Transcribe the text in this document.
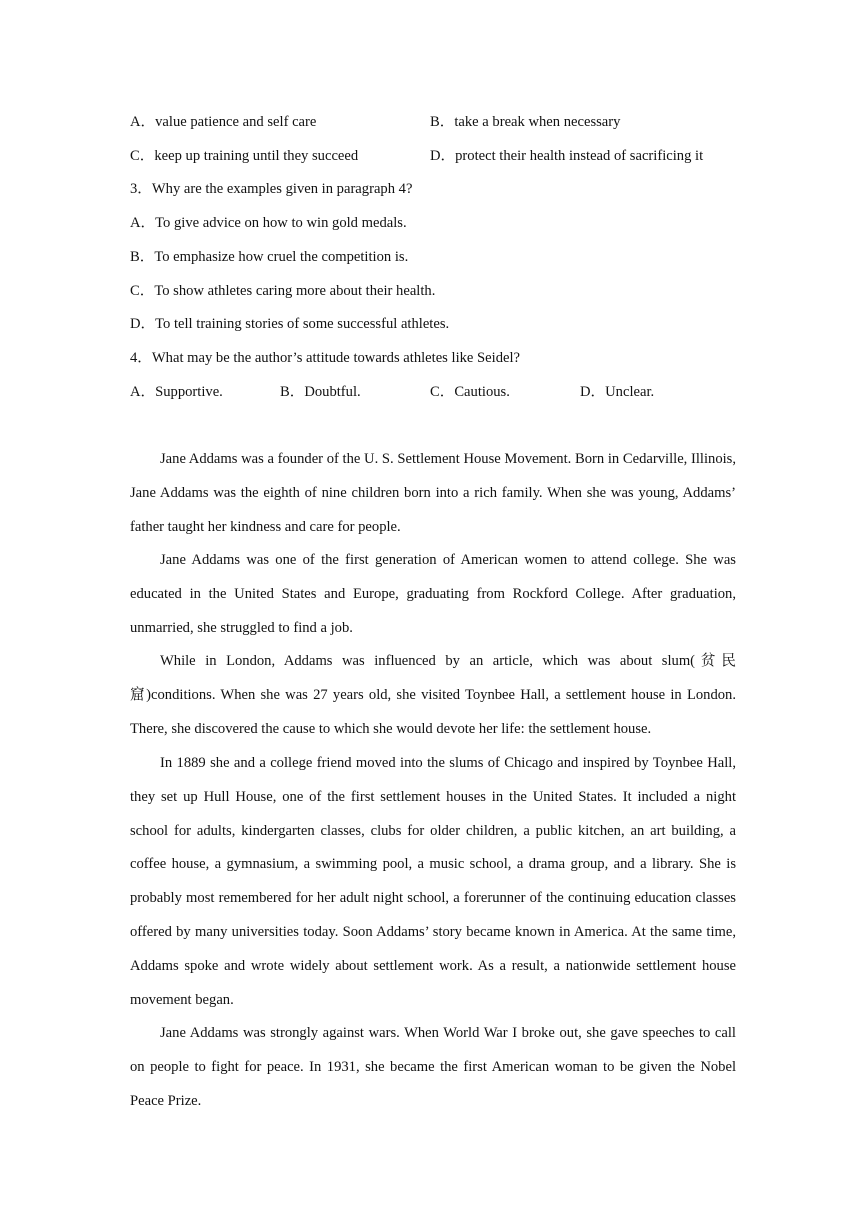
A．value patience and self care	B．take a break when necessary
C．keep up training until they succeed	D．protect their health instead of sacrificing it
3．Why are the examples given in paragraph 4?
A．To give advice on how to win gold medals.
B．To emphasize how cruel the competition is.
C．To show athletes caring more about their health.
D．To tell training stories of some successful athletes.
4．What may be the author’s attitude towards athletes like Seidel?
A．Supportive.	B．Doubtful.	C．Cautious.	D．Unclear.
Jane Addams was a founder of the U. S. Settlement House Movement. Born in Cedarville, Illinois, Jane Addams was the eighth of nine children born into a rich family. When she was young, Addams’ father taught her kindness and care for people.
Jane Addams was one of the first generation of American women to attend college. She was educated in the United States and Europe, graduating from Rockford College. After graduation, unmarried, she struggled to find a job.
While in London, Addams was influenced by an article, which was about slum(贫民窟)conditions. When she was 27 years old, she visited Toynbee Hall, a settlement house in London. There, she discovered the cause to which she would devote her life: the settlement house.
In 1889 she and a college friend moved into the slums of Chicago and inspired by Toynbee Hall, they set up Hull House, one of the first settlement houses in the United States. It included a night school for adults, kindergarten classes, clubs for older children, a public kitchen, an art building, a coffee house, a gymnasium, a swimming pool, a music school, a drama group, and a library. She is probably most remembered for her adult night school, a forerunner of the continuing education classes offered by many universities today. Soon Addams’ story became known in America. At the same time, Addams spoke and wrote widely about settlement work. As a result, a nationwide settlement house movement began.
Jane Addams was strongly against wars. When World War I broke out, she gave speeches to call on people to fight for peace. In 1931, she became the first American woman to be given the Nobel Peace Prize.
